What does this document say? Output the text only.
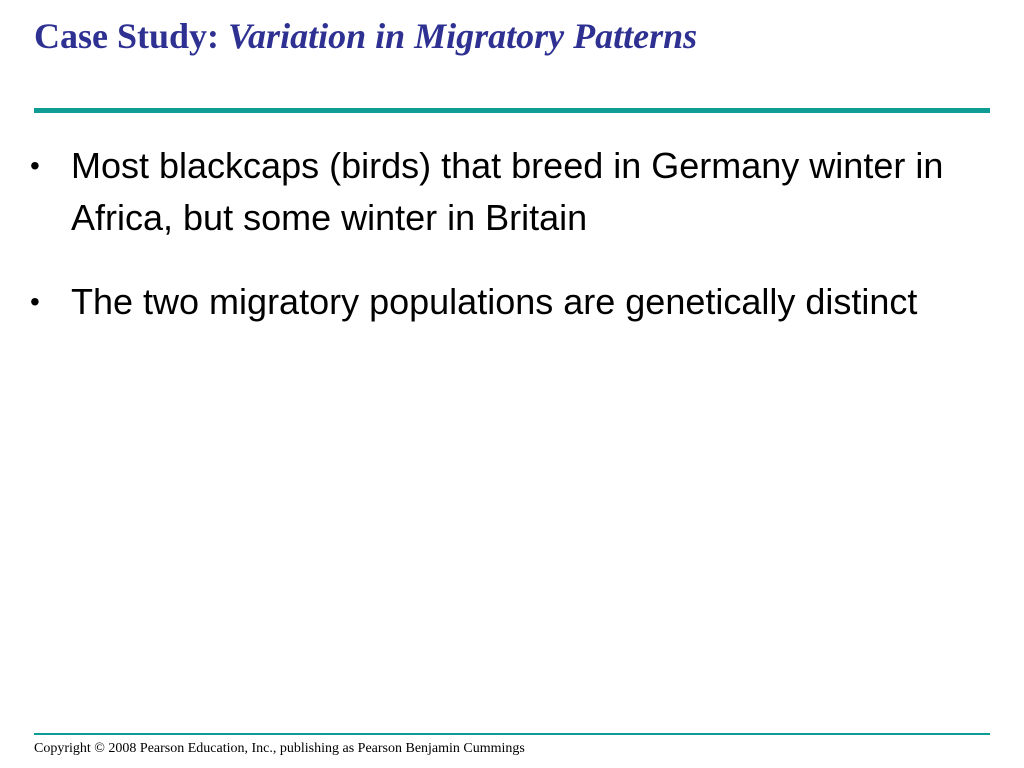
Case Study: Variation in Migratory Patterns
• Most blackcaps (birds) that breed in Germany winter in Africa, but some winter in Britain
• The two migratory populations are genetically distinct

Copyright © 2008 Pearson Education, Inc., publishing as Pearson Benjamin Cummings
